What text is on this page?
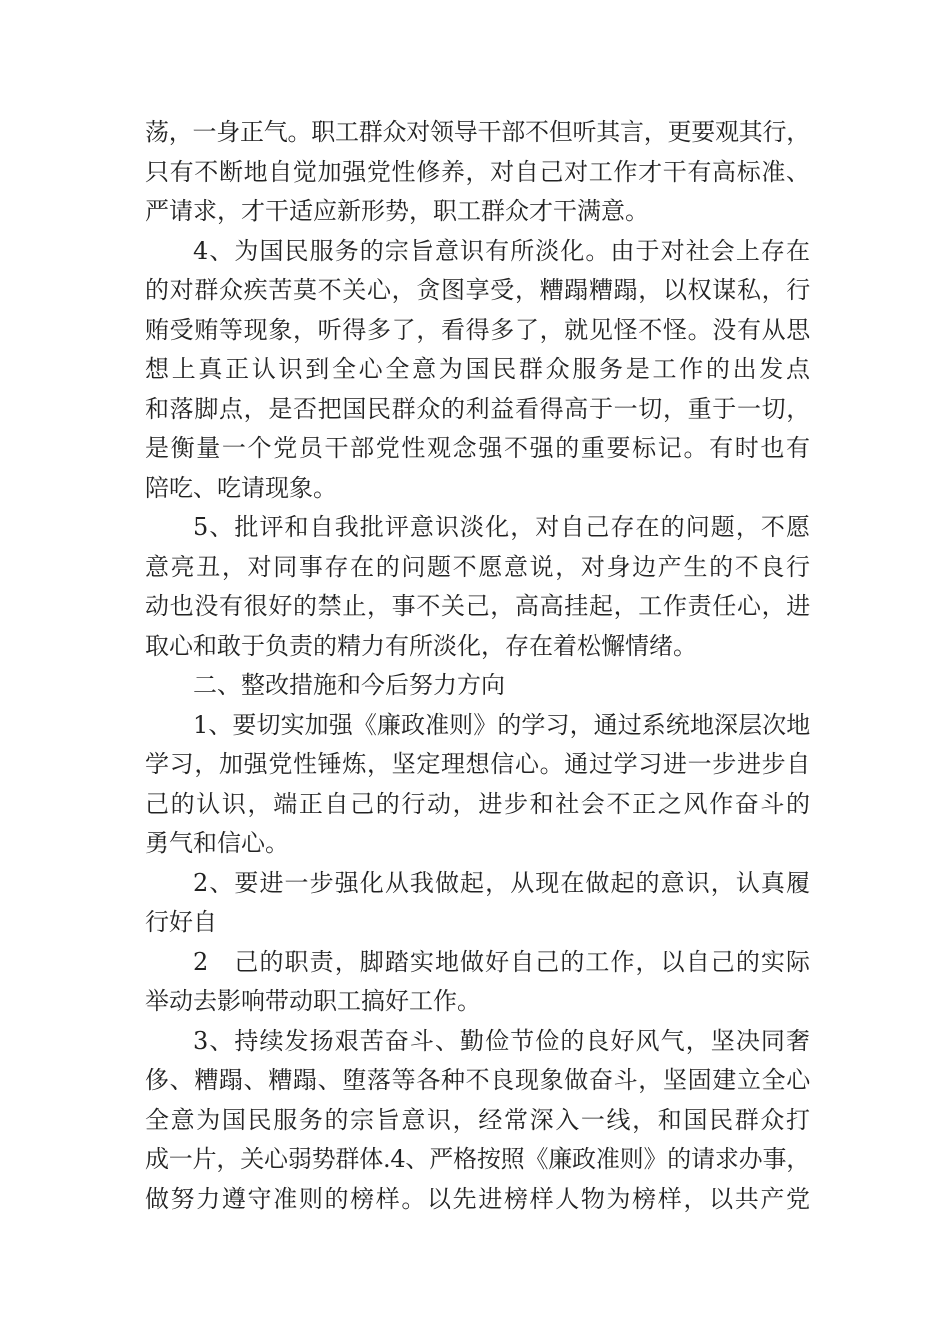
荡，一身正气。职工群众对领导干部不但听其言，更要观其行，
只有不断地自觉加强党性修养，对自己对工作才干有高标准、
严请求，才干适应新形势，职工群众才干满意。
4、为国民服务的宗旨意识有所淡化。由于对社会上存在
的对群众疾苦莫不关心，贪图享受，糟蹋糟蹋，以权谋私，行
贿受贿等现象，听得多了，看得多了，就见怪不怪。没有从思
想上真正认识到全心全意为国民群众服务是工作的出发点
和落脚点，是否把国民群众的利益看得高于一切，重于一切，
是衡量一个党员干部党性观念强不强的重要标记。有时也有
陪吃、吃请现象。
5、批评和自我批评意识淡化，对自己存在的问题，不愿
意亮丑，对同事存在的问题不愿意说，对身边产生的不良行
动也没有很好的禁止，事不关己，高高挂起，工作责任心，进
取心和敢于负责的精力有所淡化，存在着松懈情绪。
二、整改措施和今后努力方向
1、要切实加强《廉政准则》的学习，通过系统地深层次地
学习，加强党性锤炼，坚定理想信心。通过学习进一步进步自
己的认识，端正自己的行动，进步和社会不正之风作奋斗的
勇气和信心。
2、要进一步强化从我做起，从现在做起的意识，认真履
行好自
2　己的职责，脚踏实地做好自己的工作，以自己的实际
举动去影响带动职工搞好工作。
3、持续发扬艰苦奋斗、勤俭节俭的良好风气，坚决同奢
侈、糟蹋、糟蹋、堕落等各种不良现象做奋斗，坚固建立全心
全意为国民服务的宗旨意识，经常深入一线，和国民群众打
成一片，关心弱势群体.4、严格按照《廉政准则》的请求办事，
做努力遵守准则的榜样。以先进榜样人物为榜样，以共产党
